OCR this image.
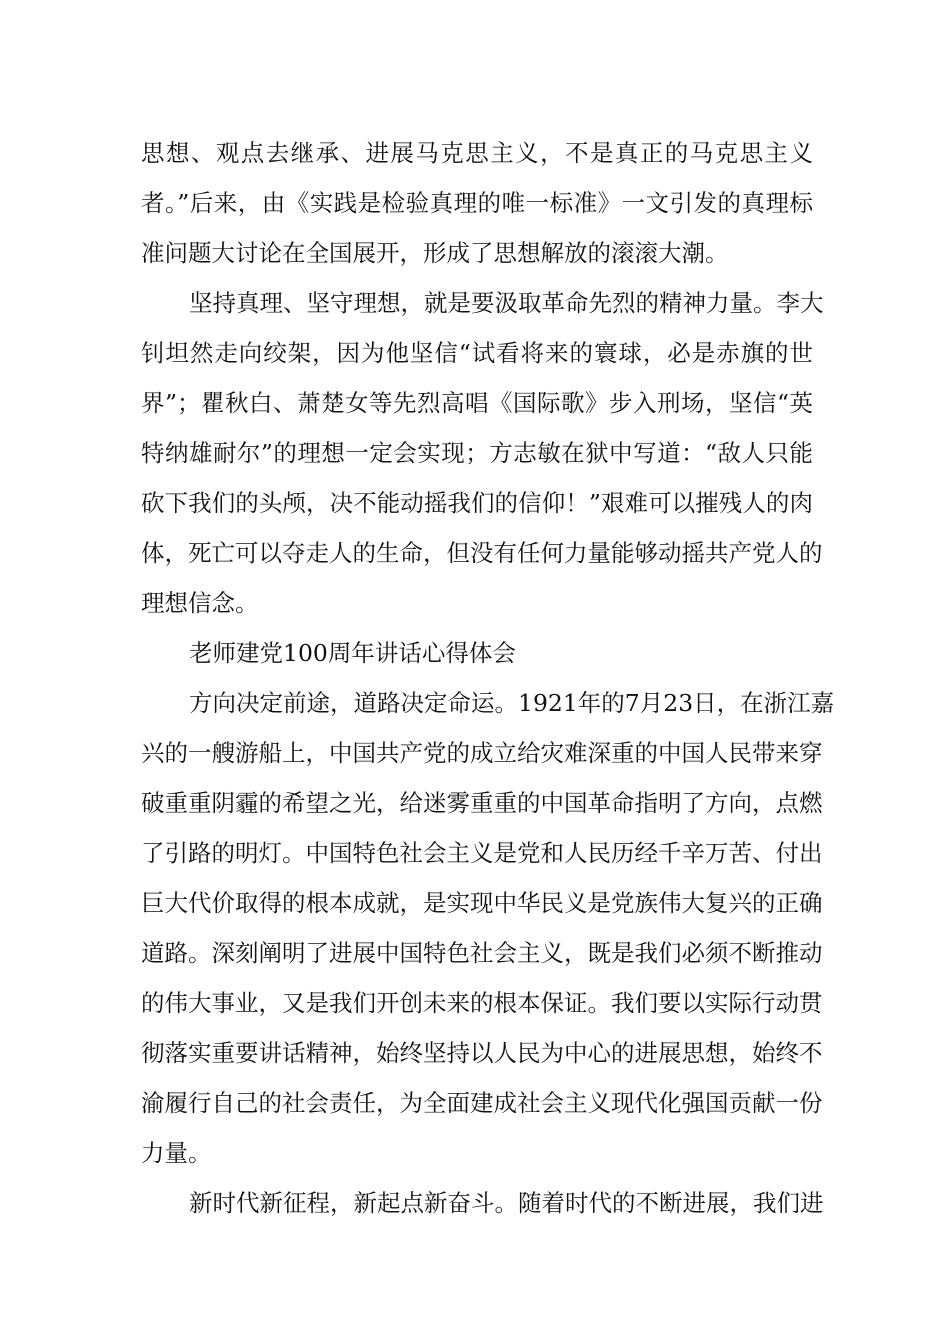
思想、观点去继承、进展马克思主义，不是真正的马克思主义
者。”后来，由《实践是检验真理的唯一标准》一文引发的真理标
准问题大讨论在全国展开，形成了思想解放的滚滚大潮。

坚持真理、坚守理想，就是要汲取革命先烈的精神力量。李大
钊坦然走向绞架，因为他坚信“试看将来的寰球，必是赤旗的世
界”；瞿秋白、萧楚女等先烈高唱《国际歌》步入刑场，坚信“英
特纳雄耐尔”的理想一定会实现；方志敏在狱中写道：“敌人只能
砍下我们的头颅，决不能动摇我们的信仰！”艰难可以摧残人的肉
体，死亡可以夺走人的生命，但没有任何力量能够动摇共产党人的
理想信念。

老师建党100周年讲话心得体会

方向决定前途，道路决定命运。1921年的7月23日，在浙江嘉
兴的一艘游船上，中国共产党的成立给灾难深重的中国人民带来穿
破重重阴霾的希望之光，给迷雾重重的中国革命指明了方向，点燃
了引路的明灯。中国特色社会主义是党和人民历经千辛万苦、付出
巨大代价取得的根本成就，是实现中华民义是党族伟大复兴的正确
道路。深刻阐明了进展中国特色社会主义，既是我们必须不断推动
的伟大事业，又是我们开创未来的根本保证。我们要以实际行动贯
彻落实重要讲话精神，始终坚持以人民为中心的进展思想，始终不
渝履行自己的社会责任，为全面建成社会主义现代化强国贡献一份
力量。

新时代新征程，新起点新奋斗。随着时代的不断进展，我们进
